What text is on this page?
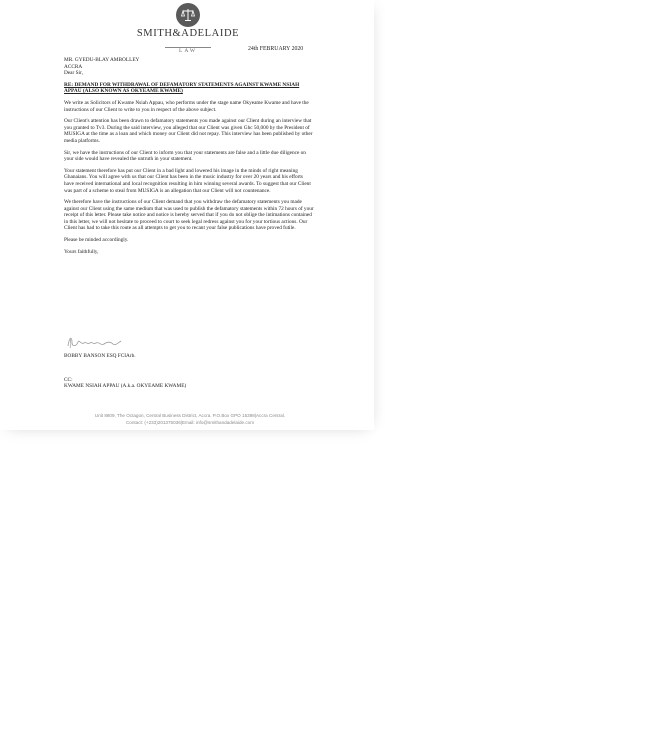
SMITH&ADELAIDE
LAW	24th FEBRUARY 2020

MR. GYEDU-BLAY AMBOLLEY

ACCRA

Dear Sir,

RE: DEMAND FOR WITHDRAWAL OF DEFAMATORY STATEMENTS AGAINST KWAME NSIAH APPAU (ALSO KNOWN AS OKYEAME KWAME)

We write as Solicitors of Kwame Nsiah Appau, who performs under the stage name Okyeame Kwame and have the instructions of our Client to write to you in respect of the above subject.

Our Client's attention has been drawn to defamatory statements you made against our Client during an interview that you granted to Tv3. During the said interview, you alleged that our Client was given Ghc 50,000 by the President of MUSIGA at the time as a loan and which money our Client did not repay. This interview has been published by other media platforms.

Sir, we have the instructions of our Client to inform you that your statements are false and a little due diligence on your side would have revealed the untruth in your statement.

Your statement therefore has put our Client in a bad light and lowered his image in the minds of right meaning Ghanaians. You will agree with us that our Client has been in the music industry for over 20 years and his efforts have received international and local recognition resulting in him winning several awards. To suggest that our Client was part of a scheme to steal from MUSIGA is an allegation that our Client will not countenance.

We therefore have the instructions of our Client demand that you withdraw the defamatory statements you made against our Client using the same medium that was used to publish the defamatory statements within 72 hours of your receipt of this letter. Please take notice and notice is hereby served that if you do not oblige the intimations contained in this letter, we will not hesitate to proceed to court to seek legal redress against you for your tortious actions. Our Client has had to take this route as all attempts to get you to recant your false publications have proved futile.

Please be minded accordingly.

Yours faithfully,

BOBBY BANSON ESQ FCIArb.
CC:
KWAME NSIAH APPAU (A.k.a. OKYEAME KWAME)
Unit 8809, The Octagon, Central Business District, Accra. P.O.Box GPO 15398|Accra Central.
Contact: (+233)201375036|Email: info@smithandadelaide.com
